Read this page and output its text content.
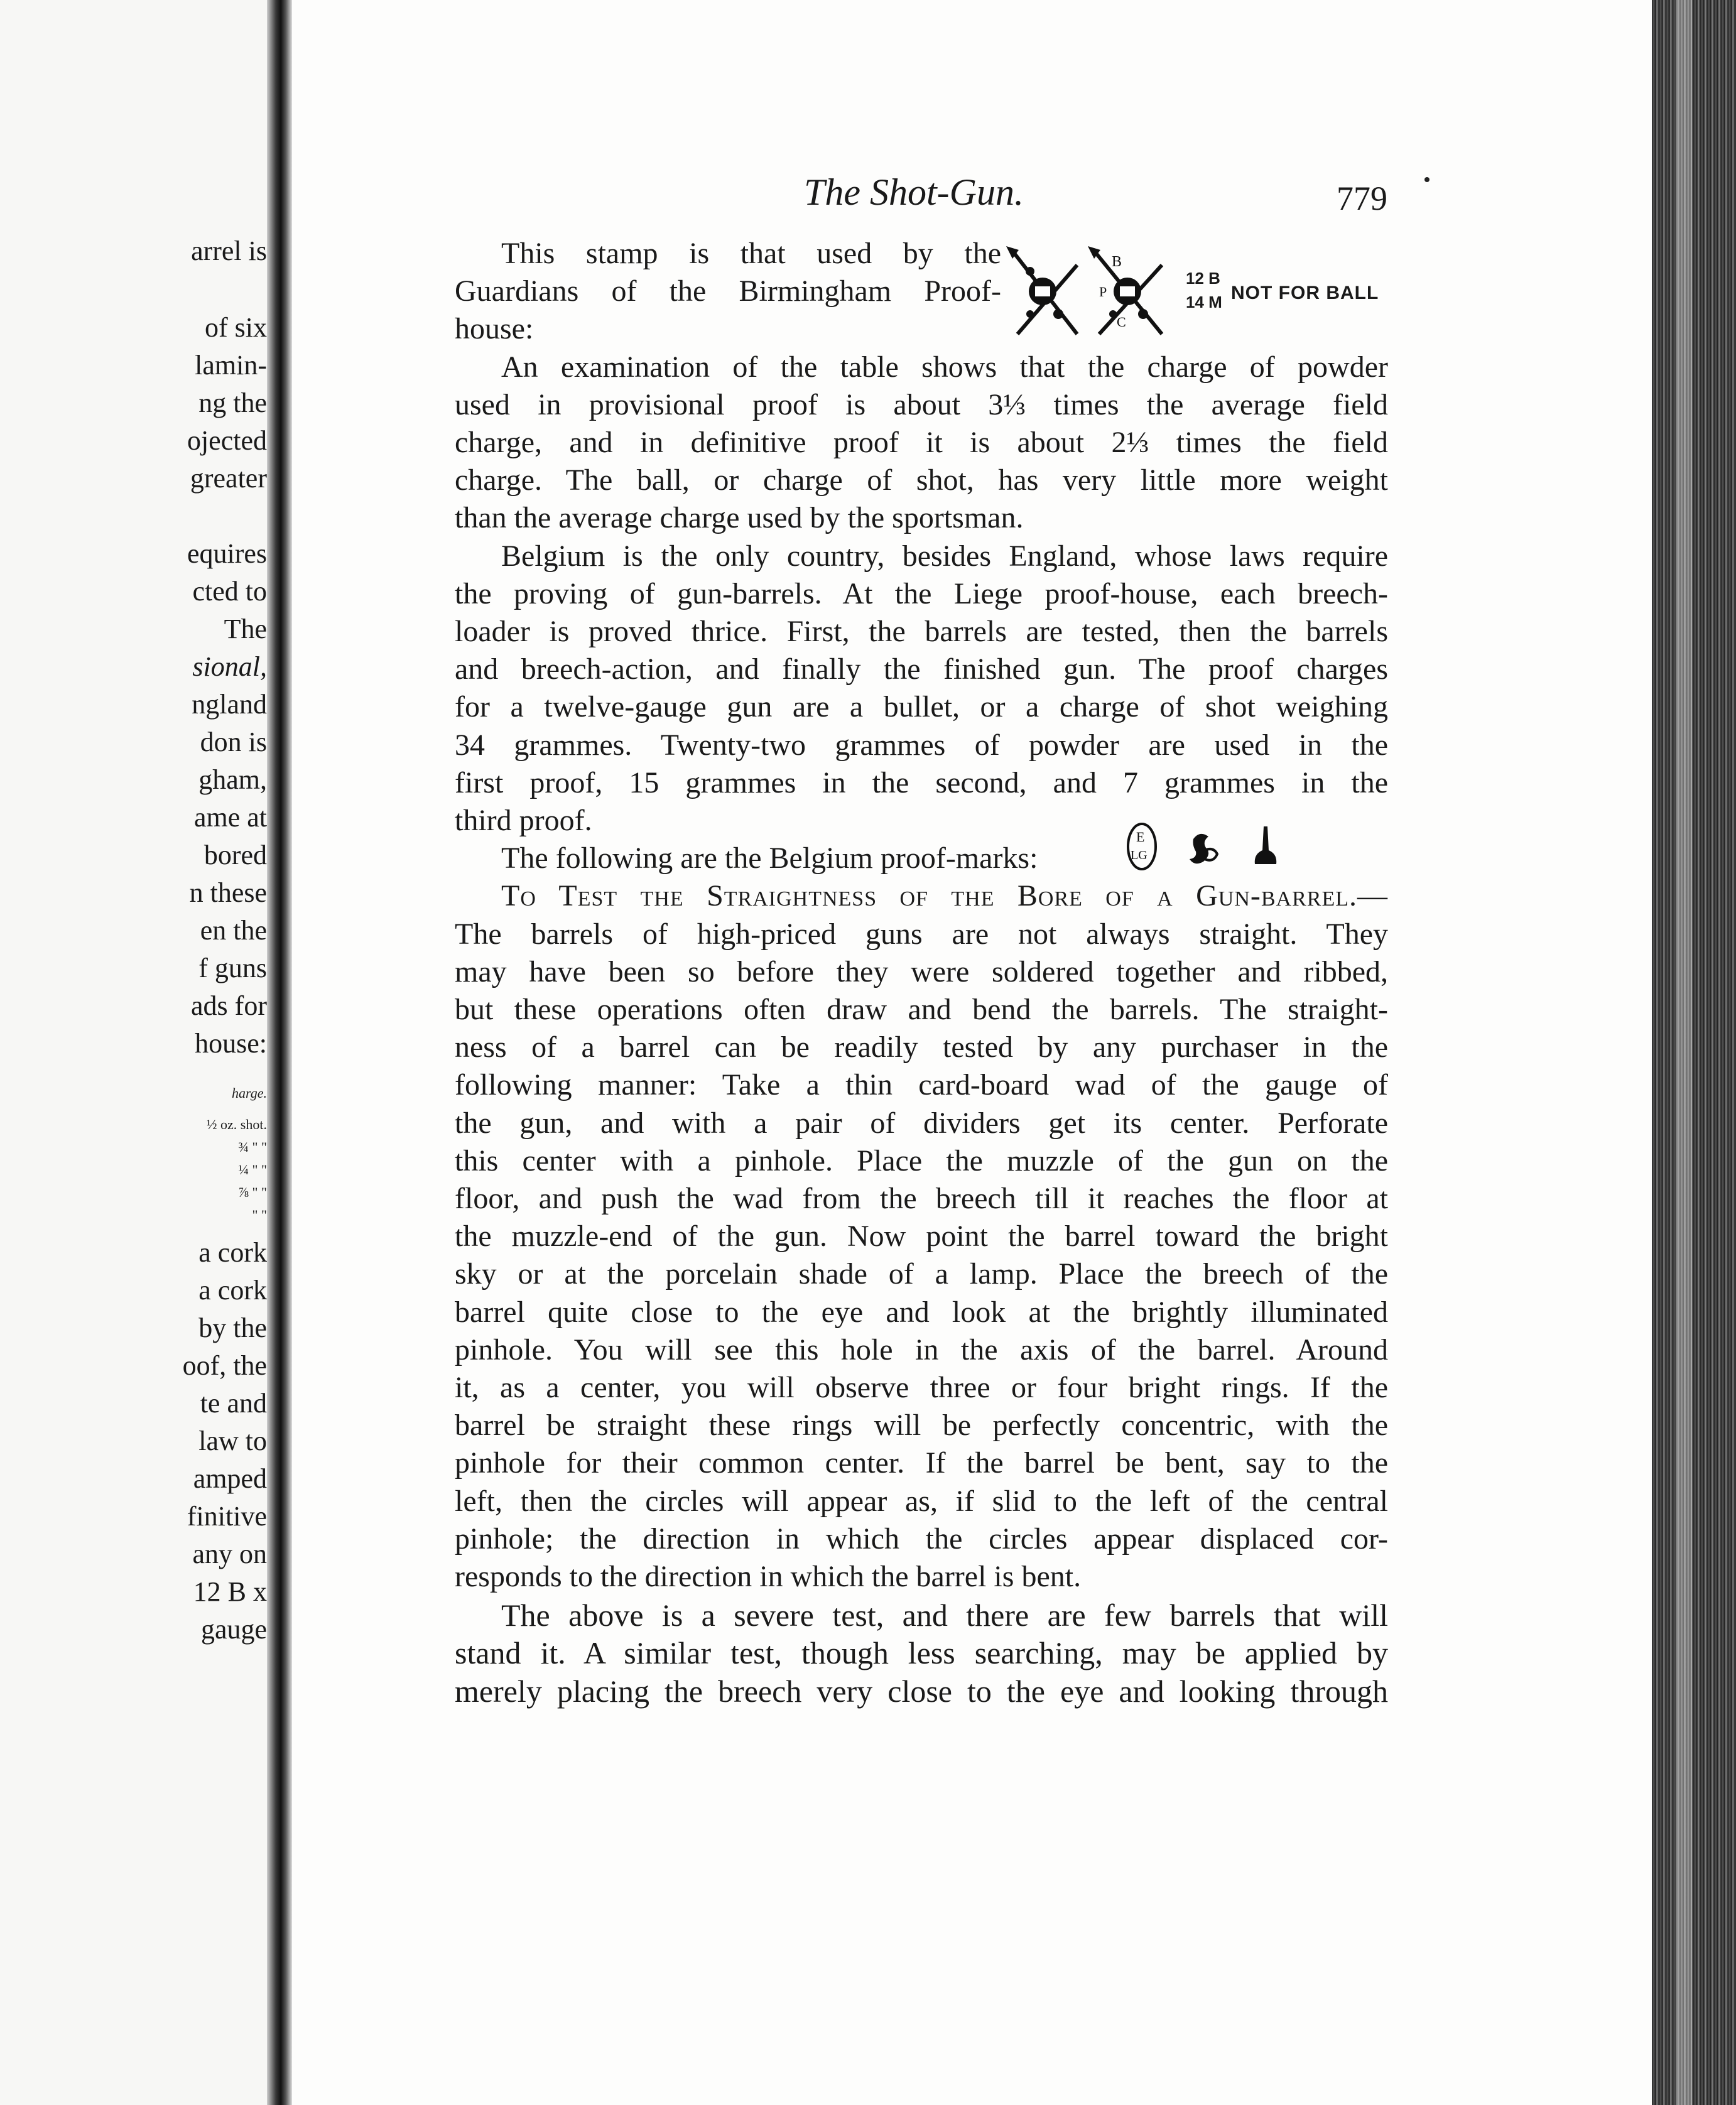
arrel is
of six
lamin-
ng the
ojected
greater
equires
cted to
The
sional,
ngland
don is
gham,
ame at
bored
n these
en the
f guns
ads for
house:
harge.
½ oz. shot.
¾ " "
¼ " "
⅞ " "
" "
a cork
a cork
by the
oof, the
te and
law to
amped
finitive
any on
12 B x
gauge
The Shot-Gun.	779
B
P
C
12 B
14 M NOT FOR BALL
This stamp is that used by the
Guardians of the Birmingham Proof-
house:
An examination of the table shows that the charge of powder
used in provisional proof is about 3⅓ times the average field
charge, and in definitive proof it is about 2⅓ times the field
charge. The ball, or charge of shot, has very little more weight
than the average charge used by the sportsman.
Belgium is the only country, besides England, whose laws require
the proving of gun-barrels. At the Liege proof-house, each breech-
loader is proved thrice. First, the barrels are tested, then the barrels
and breech-action, and finally the finished gun. The proof charges
for a twelve-gauge gun are a bullet, or a charge of shot weighing
34 grammes. Twenty-two grammes of powder are used in the
first proof, 15 grammes in the second, and 7 grammes in the
third proof.
The following are the Belgium proof-marks:
To Test the Straightness of the Bore of a Gun-barrel.—
The barrels of high-priced guns are not always straight. They
may have been so before they were soldered together and ribbed,
but these operations often draw and bend the barrels. The straight-
ness of a barrel can be readily tested by any purchaser in the
following manner: Take a thin card-board wad of the gauge of
the gun, and with a pair of dividers get its center. Perforate
this center with a pinhole. Place the muzzle of the gun on the
floor, and push the wad from the breech till it reaches the floor at
the muzzle-end of the gun. Now point the barrel toward the bright
sky or at the porcelain shade of a lamp. Place the breech of the
barrel quite close to the eye and look at the brightly illuminated
pinhole. You will see this hole in the axis of the barrel. Around
it, as a center, you will observe three or four bright rings. If the
barrel be straight these rings will be perfectly concentric, with the
pinhole for their common center. If the barrel be bent, say to the
left, then the circles will appear as, if slid to the left of the central
pinhole; the direction in which the circles appear displaced cor-
responds to the direction in which the barrel is bent.
The above is a severe test, and there are few barrels that will
stand it. A similar test, though less searching, may be applied by
merely placing the breech very close to the eye and looking through
E
LG
